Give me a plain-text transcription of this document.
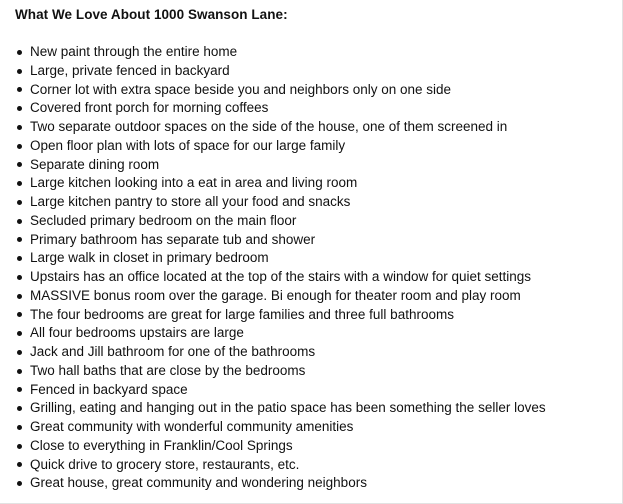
What We Love About 1000 Swanson Lane:
New paint through the entire home
Large, private fenced in backyard
Corner lot with extra space beside you and neighbors only on one side
Covered front porch for morning coffees
Two separate outdoor spaces on the side of the house, one of them screened in
Open floor plan with lots of space for our large family
Separate dining room
Large kitchen looking into a eat in area and living room
Large kitchen pantry to store all your food and snacks
Secluded primary bedroom on the main floor
Primary bathroom has separate tub and shower
Large walk in closet in primary bedroom
Upstairs has an office located at the top of the stairs with a window for quiet settings
MASSIVE bonus room over the garage. Bi enough for theater room and play room
The four bedrooms are great for large families and three full bathrooms
All four bedrooms upstairs are large
Jack and Jill bathroom for one of the bathrooms
Two hall baths that are close by the bedrooms
Fenced in backyard space
Grilling, eating and hanging out in the patio space has been something the seller loves
Great community with wonderful community amenities
Close to everything in Franklin/Cool Springs
Quick drive to grocery store, restaurants, etc.
Great house, great community and wondering neighbors
